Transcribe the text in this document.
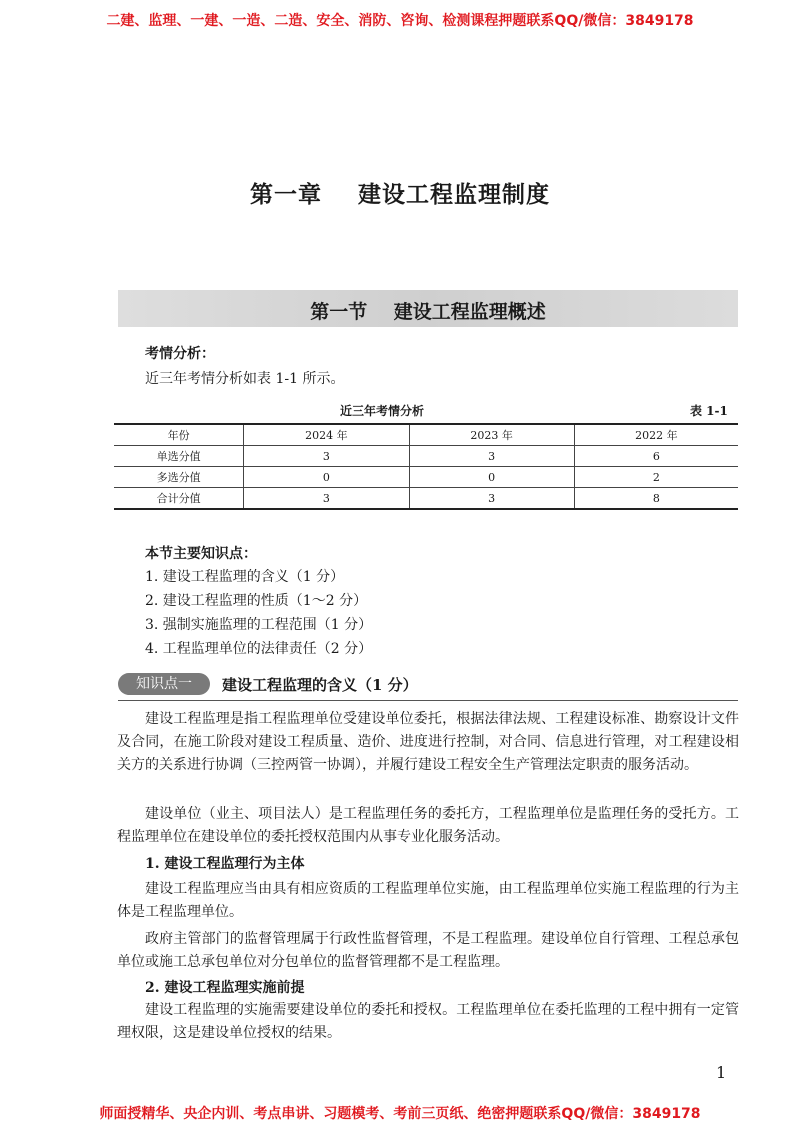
二建、监理、一建、一造、二造、安全、消防、咨询、检测课程押题联系QQ/微信：3849178
第一章    建设工程监理制度
第一节    建设工程监理概述
考情分析：
近三年考情分析如表 1-1 所示。
近三年考情分析	表 1-1
年份	2024 年	2023 年	2022 年
单选分值	3	3	6
多选分值	0	0	2
合计分值	3	3	8
本节主要知识点：
1. 建设工程监理的含义（1 分）
2. 建设工程监理的性质（1～2 分）
3. 强制实施监理的工程范围（1 分）
4. 工程监理单位的法律责任（2 分）
知识点一	建设工程监理的含义（1 分）
建设工程监理是指工程监理单位受建设单位委托，根据法律法规、工程建设标准、勘察设计文件及合同，在施工阶段对建设工程质量、造价、进度进行控制，对合同、信息进行管理，对工程建设相关方的关系进行协调（三控两管一协调），并履行建设工程安全生产管理法定职责的服务活动。
建设单位（业主、项目法人）是工程监理任务的委托方，工程监理单位是监理任务的受托方。工程监理单位在建设单位的委托授权范围内从事专业化服务活动。
1. 建设工程监理行为主体
建设工程监理应当由具有相应资质的工程监理单位实施，由工程监理单位实施工程监理的行为主体是工程监理单位。
政府主管部门的监督管理属于行政性监督管理，不是工程监理。建设单位自行管理、工程总承包单位或施工总承包单位对分包单位的监督管理都不是工程监理。
2. 建设工程监理实施前提
建设工程监理的实施需要建设单位的委托和授权。工程监理单位在委托监理的工程中拥有一定管理权限，这是建设单位授权的结果。
1
师面授精华、央企内训、考点串讲、习题模考、考前三页纸、绝密押题联系QQ/微信：3849178
